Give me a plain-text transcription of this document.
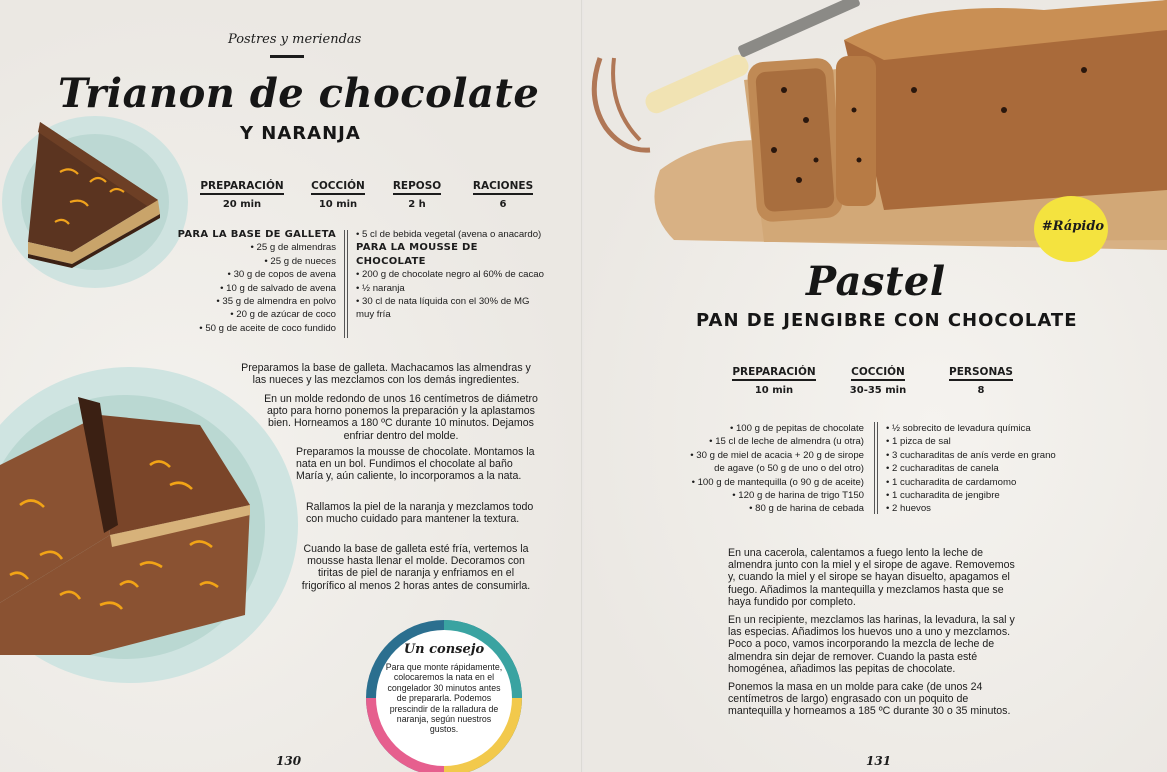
Postres y meriendas
Trianon de chocolate
Y NARANJA
PREPARACIÓN
20 min
COCCIÓN
10 min
REPOSO
2 h
RACIONES
6
PARA LA BASE DE GALLETA
• 25 g de almendras
• 25 g de nueces
• 30 g de copos de avena
• 10 g de salvado de avena
• 35 g de almendra en polvo
• 20 g de azúcar de coco
• 50 g de aceite de coco fundido
• 5 cl de bebida vegetal (avena o anacardo)
PARA LA MOUSSE DE CHOCOLATE
• 200 g de chocolate negro al 60% de cacao
• ½ naranja
• 30 cl de nata líquida con el 30% de MG muy fría
Preparamos la base de galleta. Machacamos las almendras y las nueces y las mezclamos con los demás ingredientes.
En un molde redondo de unos 16 centímetros de diámetro apto para horno ponemos la preparación y la aplastamos bien. Horneamos a 180 ºC durante 10 minutos. Dejamos enfriar dentro del molde.
Preparamos la mousse de chocolate. Montamos la nata en un bol. Fundimos el chocolate al baño María y, aún caliente, lo incorporamos a la nata.
Rallamos la piel de la naranja y mezclamos todo con mucho cuidado para mantener la textura.
Cuando la base de galleta esté fría, vertemos la mousse hasta llenar el molde. Decoramos con tiritas de piel de naranja y enfriamos en el frigorífico al menos 2 horas antes de consumirla.
Un consejo
Para que monte rápidamente, colocaremos la nata en el congelador 30 minutos antes de prepararla. Podemos prescindir de la ralladura de naranja, según nuestros gustos.
130
#Rápido
Pastel
PAN DE JENGIBRE CON CHOCOLATE
PREPARACIÓN
10 min
COCCIÓN
30-35 min
PERSONAS
8
• 100 g de pepitas de chocolate
• 15 cl de leche de almendra (u otra)
• 30 g de miel de acacia + 20 g de sirope de agave (o 50 g de uno o del otro)
• 100 g de mantequilla (o 90 g de aceite)
• 120 g de harina de trigo T150
• 80 g de harina de cebada
• ½ sobrecito de levadura química
• 1 pizca de sal
• 3 cucharaditas de anís verde en grano
• 2 cucharaditas de canela
• 1 cucharadita de cardamomo
• 1 cucharadita de jengibre
• 2 huevos
En una cacerola, calentamos a fuego lento la leche de almendra junto con la miel y el sirope de agave. Removemos y, cuando la miel y el sirope se hayan disuelto, apagamos el fuego. Añadimos la mantequilla y mezclamos hasta que se haya fundido por completo.
En un recipiente, mezclamos las harinas, la levadura, la sal y las especias. Añadimos los huevos uno a uno y mezclamos. Poco a poco, vamos incorporando la mezcla de leche de almendra sin dejar de remover. Cuando la pasta esté homogénea, añadimos las pepitas de chocolate.
Ponemos la masa en un molde para cake (de unos 24 centímetros de largo) engrasado con un poquito de mantequilla y horneamos a 185 ºC durante 30 o 35 minutos.
131
